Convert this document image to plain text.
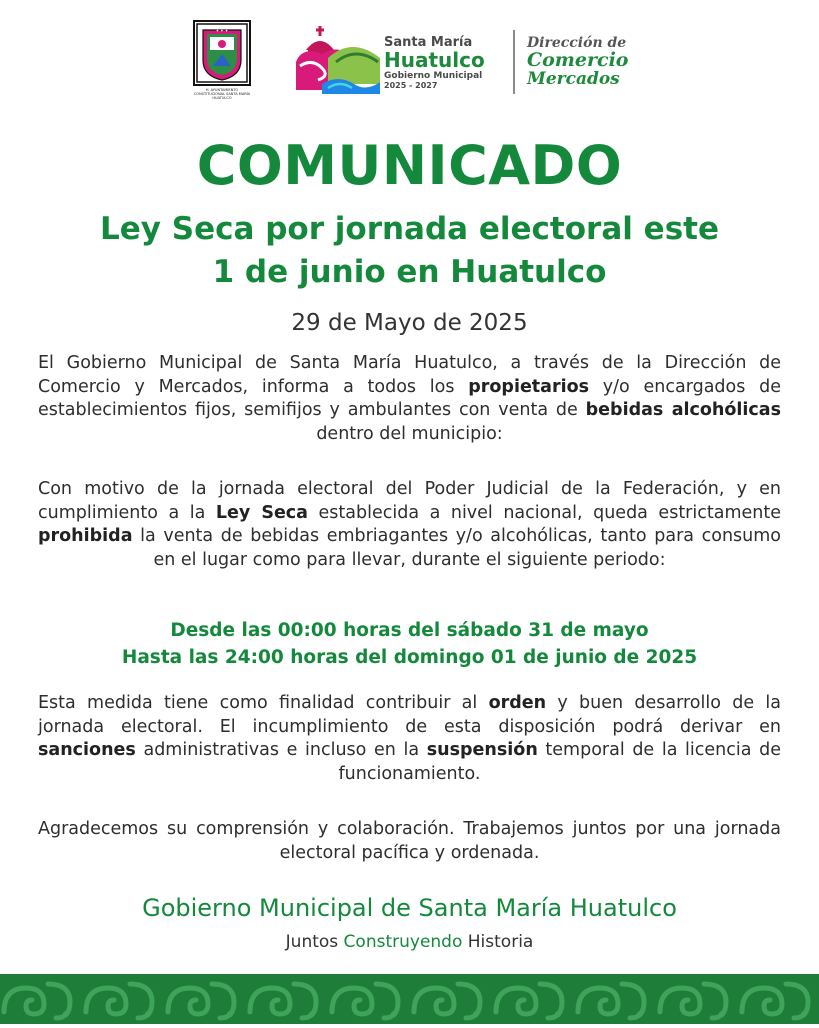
✦ ✦ ✦
H. AYUNTAMIENTO CONSTITUCIONAL SANTA MARÍA HUATULCO
Santa María
Huatulco
Gobierno Municipal
2025 - 2027
Dirección de
Comercio
Mercados
COMUNICADO
Ley Seca por jornada electoral este
1 de junio en Huatulco
29 de Mayo de 2025
El Gobierno Municipal de Santa María Huatulco, a través de la Dirección de Comercio y Mercados, informa a todos los propietarios y/o encargados de establecimientos fijos, semifijos y ambulantes con venta de bebidas alcohólicas dentro del municipio:
Con motivo de la jornada electoral del Poder Judicial de la Federación, y en cumplimiento a la Ley Seca establecida a nivel nacional, queda estrictamente prohibida la venta de bebidas embriagantes y/o alcohólicas, tanto para consumo en el lugar como para llevar, durante el siguiente periodo:
Desde las 00:00 horas del sábado 31 de mayo
Hasta las 24:00 horas del domingo 01 de junio de 2025
Esta medida tiene como finalidad contribuir al orden y buen desarrollo de la jornada electoral. El incumplimiento de esta disposición podrá derivar en sanciones administrativas e incluso en la suspensión temporal de la licencia de funcionamiento.
Agradecemos su comprensión y colaboración. Trabajemos juntos por una jornada electoral pacífica y ordenada.
Gobierno Municipal de Santa María Huatulco
Juntos Construyendo Historia
